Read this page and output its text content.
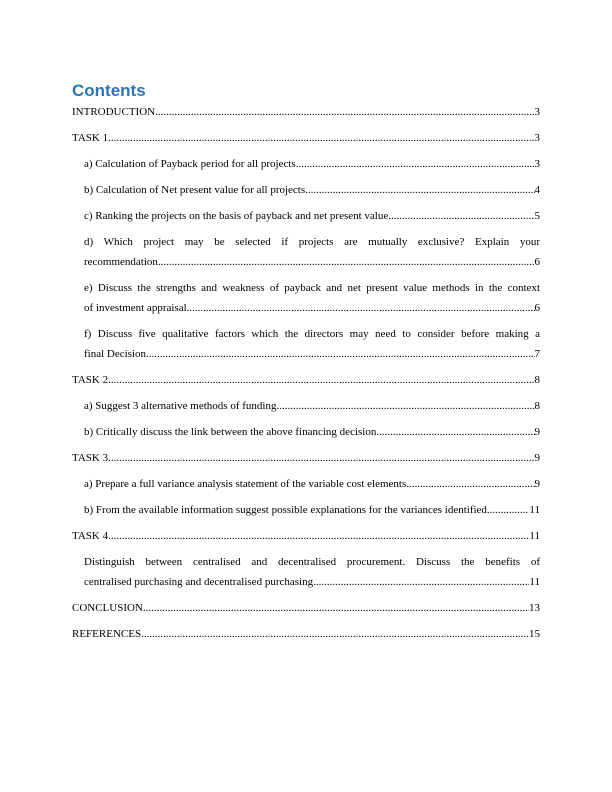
Contents
INTRODUCTION .....	3
TASK 1 .....	3
a) Calculation of Payback period for all projects .....	3
b) Calculation of Net present value for all projects. .....	4
c) Ranking the projects on the basis of payback and net present value .....	5
d) Which project may be selected if projects are mutually exclusive? Explain your
recommendation .....	6
e) Discuss the strengths and weakness of payback and net present value methods in the context
of investment appraisal .....	6
f) Discuss five qualitative factors which the directors may need to consider before making a
final Decision .....	7
TASK 2 .....	8
a) Suggest 3 alternative methods of funding .....	8
b) Critically discuss the link between the above financing decision .....	9
TASK 3 .....	9
a) Prepare a full variance analysis statement of the variable cost elements .....	9
b) From the available information suggest possible explanations for the variances identified. .....	11
TASK 4 .....	11
Distinguish between centralised and decentralised procurement. Discuss the benefits of
centralised purchasing and decentralised purchasing .....	11
CONCLUSION .....	13
REFERENCES .....	15
